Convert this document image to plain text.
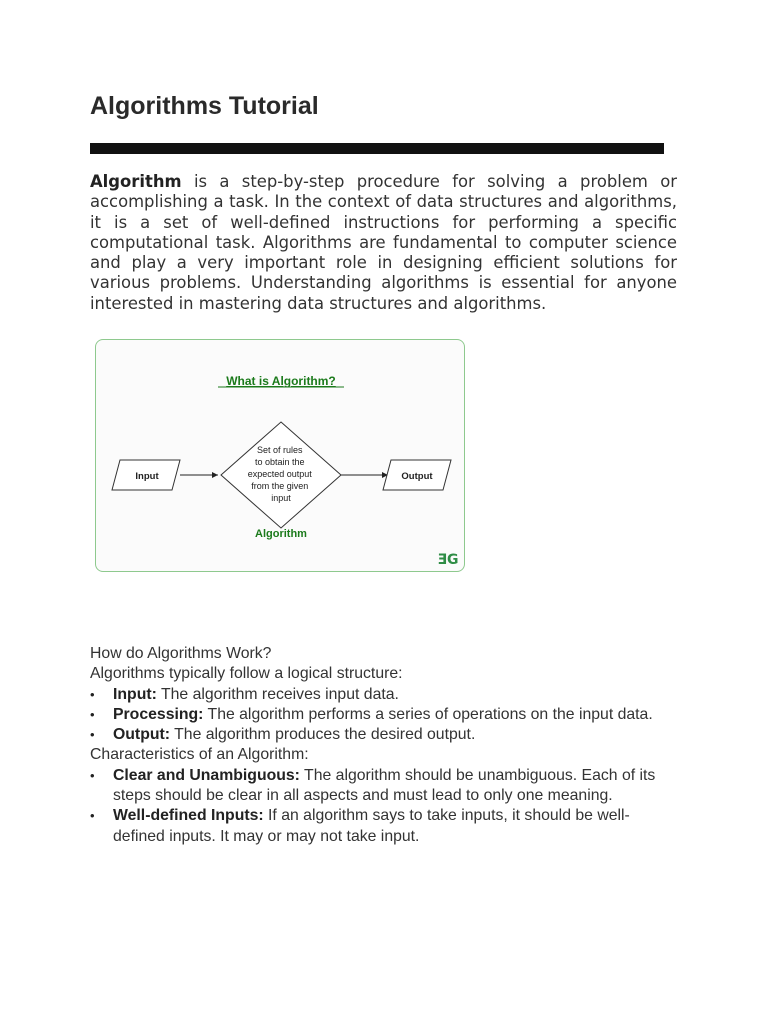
Algorithms Tutorial

Algorithm is a step-by-step procedure for solving a problem or accomplishing a task. In the context of data structures and algorithms, it is a set of well-defined instructions for performing a specific computational task. Algorithms are fundamental to computer science and play a very important role in designing efficient solutions for various problems. Understanding algorithms is essential for anyone interested in mastering data structures and algorithms.

What is Algorithm?
Input
Set of rules to obtain the expected output from the given input
Output
Algorithm
ƎG

How do Algorithms Work?

Algorithms typically follow a logical structure:

• Input: The algorithm receives input data.
• Processing: The algorithm performs a series of operations on the input data.
• Output: The algorithm produces the desired output.

Characteristics of an Algorithm:

• Clear and Unambiguous: The algorithm should be unambiguous. Each of its steps should be clear in all aspects and must lead to only one meaning.
• Well-defined Inputs: If an algorithm says to take inputs, it should be well-defined inputs. It may or may not take input.
